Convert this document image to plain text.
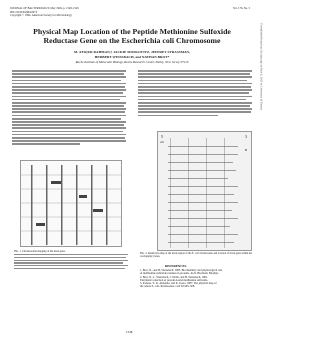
JOURNAL OF BACTERIOLOGY, May 1994, p. 1548–1549
0021-9193/94/$04.00+0
Copyright © 1994, American Society for Microbiology
Vol. 176, No. 5
Physical Map Location of the Peptide Methionine Sulfoxide
Reductase Gene on the Escherichia coli Chromosome
M. ATIQUR RAHMAN,† JACKIE MOSKOVITZ, JEFFREY STRASSMAN,
HERBERT WEISSBACH, and NATHAN BROT*
Roche Institute of Molecular Biology, Roche Research Center, Nutley, New Jersey 07110	Downloaded from http://jb.asm.org/ on May 6, 2015 by University of Kansas
FIG. 1. Chromosomal mapping of the msrA gene.
5	3
4.6
B
FIG. 2. Restriction map of the msrA region of the E. coli chromosome and location of msrA gene within the overlapping clones.
REFERENCES
1. Brot, N., and H. Weissbach. 1983. Biochemistry and physiological role
of methionine sulfoxide residues in proteins. Arch. Biochem. Biophys.
2. Brot, N., L. Weissbach, J. Werth, and H. Weissbach. 1981.
Enzymatic reduction of protein-bound methionine sulfoxide.
3. Kohara, Y., K. Akiyama, and K. Isono. 1987. The physical map of
the whole E. coli chromosome. Cell 50:495–508.
1548
